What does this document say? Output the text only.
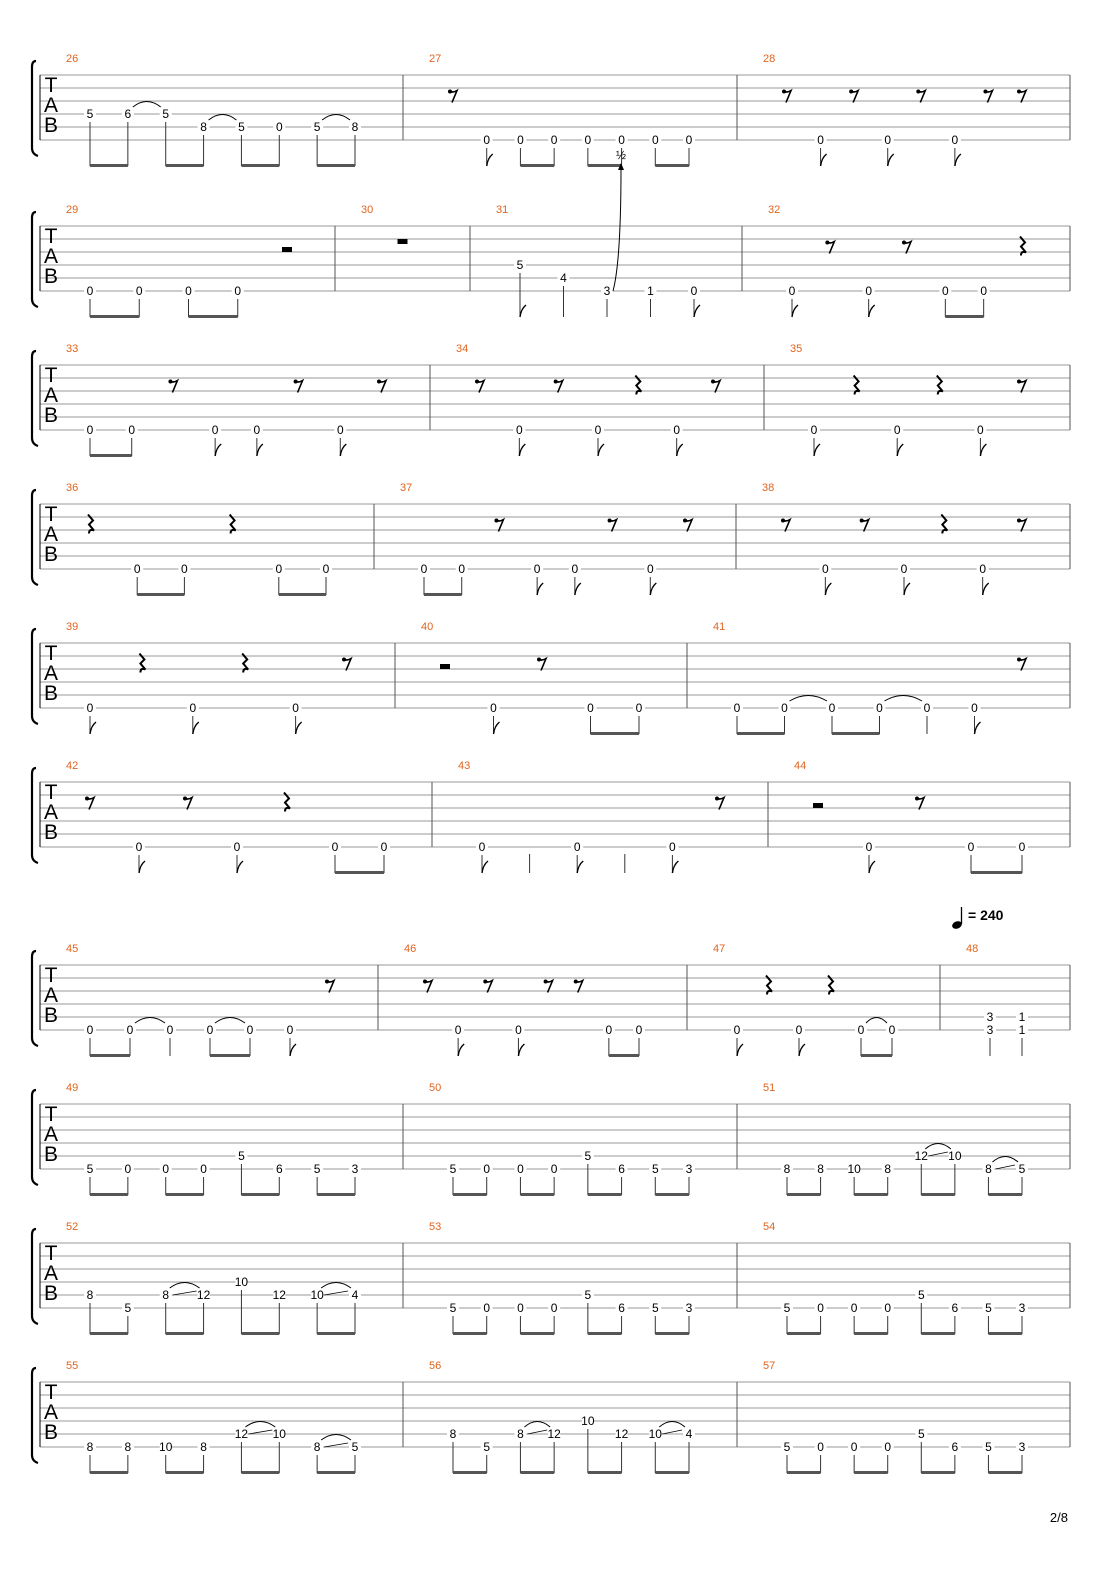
T
A
B
26
5	6	5
8	5	0	5	8
27
0 0 0 0 0 0 0
28
0	0	0
T
A
B
29
0	0	0	0
30	31
5
4
3
½
1	0
32
0	0	0	0
T
A
B
33
0	0	0	0	0
34
0	0	0
35
0	0	0
T
A
B
36
0	0	0	0
37
0	0	0	0	0
38
0	0	0
T
A
B
39
0	0	0
40
0	0	0
41
0	0	0	0	0	0
T
A
B
42
0	0	0	0
43
0	0	0
44
0	0	0
T
A
B
45
0	0	0	0	0	0
46
0	0	0 0
47
0	0	0 0
48
= 240
3
3
1
1
T
A
B
49
5	0	0	0
5
6	5	3
50
5 0 0 0
5
6 5 3
51
8 8 10 8
12 10
8 5
T
A
B
52
8
5
8 12
10
12 10 4
53
5 0 0 0
5
6 5 3
54
5 0 0 0
5
6 5 3
T
A
B
55
8	8 10 8
12 10
8	5
56
8
5
8 12
10
12 10 4
57
5 0 0 0
5
6 5 3
2/8
